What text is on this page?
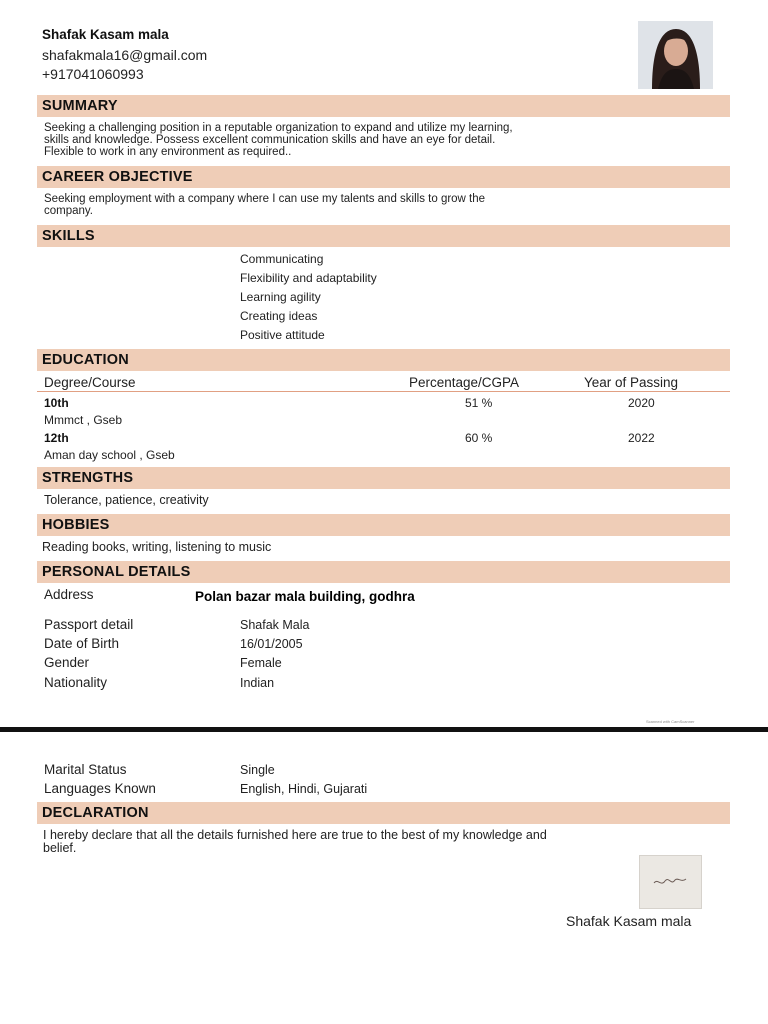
Shafak Kasam mala
shafakmala16@gmail.com
+917041060993
SUMMARY
Seeking a challenging position in a reputable organization to expand and utilize my learning,
skills and knowledge. Possess excellent communication skills and have an eye for detail.
Flexible to work in any environment as required..
CAREER OBJECTIVE
Seeking employment with a company where I can use my talents and skills to grow the
company.
SKILLS
Communicating
Flexibility and adaptability
Learning agility
Creating ideas
Positive attitude
EDUCATION
Degree/Course	Percentage/CGPA	Year of Passing
10th	51 %	2020
Mmmct , Gseb
12th	60 %	2022
Aman day school , Gseb
STRENGTHS
Tolerance, patience, creativity
HOBBIES
Reading books, writing, listening to music
PERSONAL DETAILS
Address	Polan bazar mala building, godhra
Passport detail	Shafak Mala
Date of Birth	16/01/2005
Gender	Female
Nationality	Indian
Scanned with CamScanner
Marital Status	Single
Languages Known	English, Hindi, Gujarati
DECLARATION
I hereby declare that all the details furnished here are true to the best of my knowledge and
belief.
Shafak Kasam mala
